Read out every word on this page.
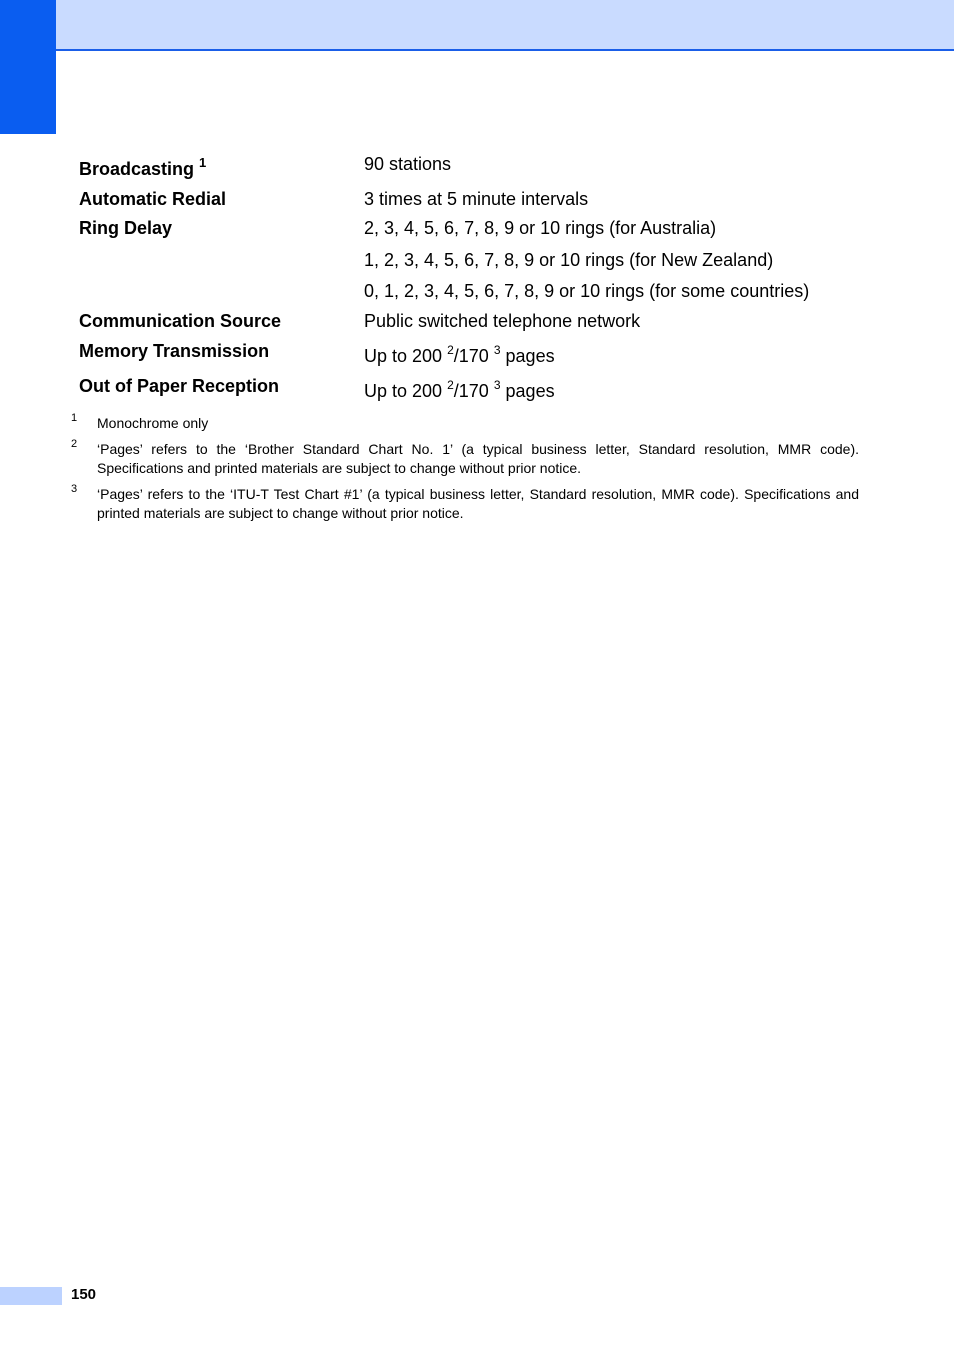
Broadcasting $^1$	90 stations
Automatic Redial	3 times at 5 minute intervals
Ring Delay	2, 3, 4, 5, 6, 7, 8, 9 or 10 rings (for Australia)
1, 2, 3, 4, 5, 6, 7, 8, 9 or 10 rings (for New Zealand)
0, 1, 2, 3, 4, 5, 6, 7, 8, 9 or 10 rings (for some countries)
Communication Source	Public switched telephone network
Memory Transmission	Up to 200 $^2$/170 $^3$ pages
Out of Paper Reception	Up to 200 $^2$/170 $^3$ pages
1 Monochrome only
2 ‘Pages’ refers to the ‘Brother Standard Chart No. 1’ (a typical business letter, Standard resolution, MMR code). Specifications and printed materials are subject to change without prior notice.
3 ‘Pages’ refers to the ‘ITU-T Test Chart #1’ (a typical business letter, Standard resolution, MMR code). Specifications and printed materials are subject to change without prior notice.
150
